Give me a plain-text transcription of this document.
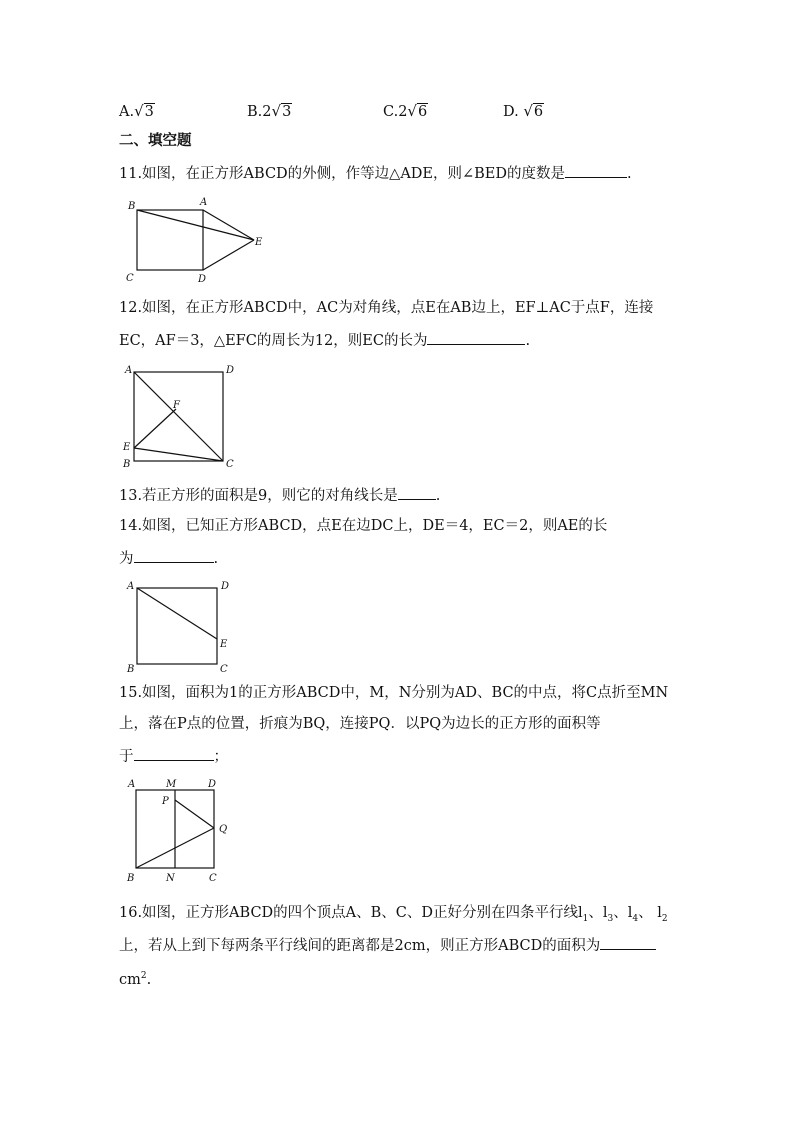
A.√3	B.2√3	C.2√6	D. √6
二、填空题
11.如图，在正方形ABCD的外侧，作等边△ADE，则∠BED的度数是	.
B	A
E
C	D
12.如图，在正方形ABCD中，AC为对角线，点E在AB边上，EF⊥AC于点F，连接
EC，AF＝3，△EFC的周长为12，则EC的长为	.
A	D
F
E
B	C
13.若正方形的面积是9，则它的对角线长是	.
14.如图，已知正方形ABCD，点E在边DC上，DE＝4，EC＝2，则AE的长
为	.
A	D
E
B	C
15.如图，面积为1的正方形ABCD中，M，N分别为AD、BC的中点，将C点折至MN
上，落在P点的位置，折痕为BQ，连接PQ．以PQ为边长的正方形的面积等
于	；
A	M	D
P
Q
B	N	C
16.如图，正方形ABCD的四个顶点A、B、C、D正好分别在四条平行线$l_1$、$l_3$、$l_4$、 $l_2$
上，若从上到下每两条平行线间的距离都是2cm，则正方形ABCD的面积为
$cm^2$.
